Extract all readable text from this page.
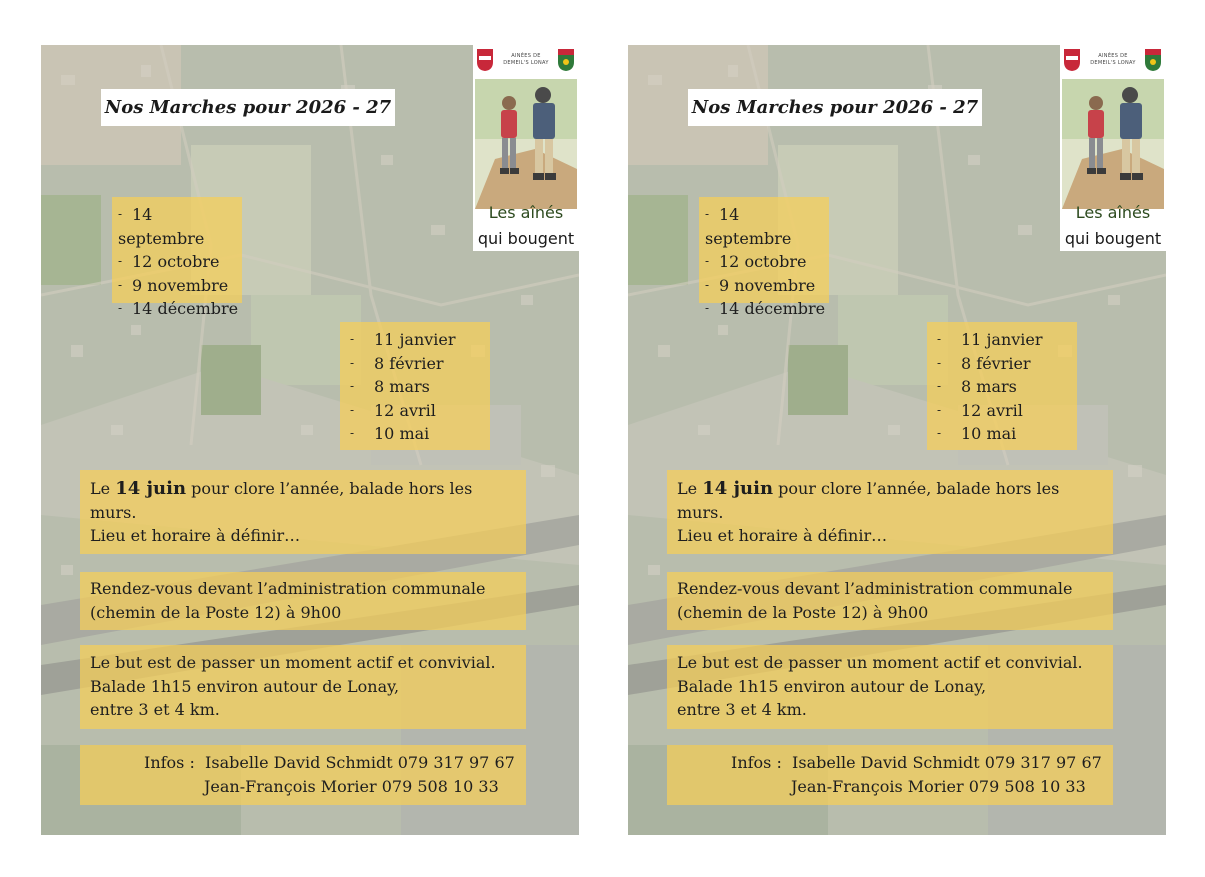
Nos Marches pour 2026 - 27
AINÉES DE
DEMEIL'S LONAY
Les aînés
qui bougent
- 14 septembre
- 12 octobre
- 9 novembre
- 14 décembre
- 11 janvier
- 8 février
- 8 mars
- 12 avril
- 10 mai
Le 14 juin pour clore l’année, balade hors les
murs.
Lieu et horaire à définir…
Rendez-vous devant l’administration communale
(chemin de la Poste 12) à 9h00
Le but est de passer un moment actif et convivial.
Balade 1h15 environ autour de Lonay,
entre 3 et 4 km.
Infos : Isabelle David Schmidt 079 317 97 67
Jean-François Morier 079 508 10 33
Nos Marches pour 2026 - 27
AINÉES DE
DEMEIL'S LONAY
Les aînés
qui bougent
- 14 septembre
- 12 octobre
- 9 novembre
- 14 décembre
- 11 janvier
- 8 février
- 8 mars
- 12 avril
- 10 mai
Le 14 juin pour clore l’année, balade hors les
murs.
Lieu et horaire à définir…
Rendez-vous devant l’administration communale
(chemin de la Poste 12) à 9h00
Le but est de passer un moment actif et convivial.
Balade 1h15 environ autour de Lonay,
entre 3 et 4 km.
Infos : Isabelle David Schmidt 079 317 97 67
Jean-François Morier 079 508 10 33
